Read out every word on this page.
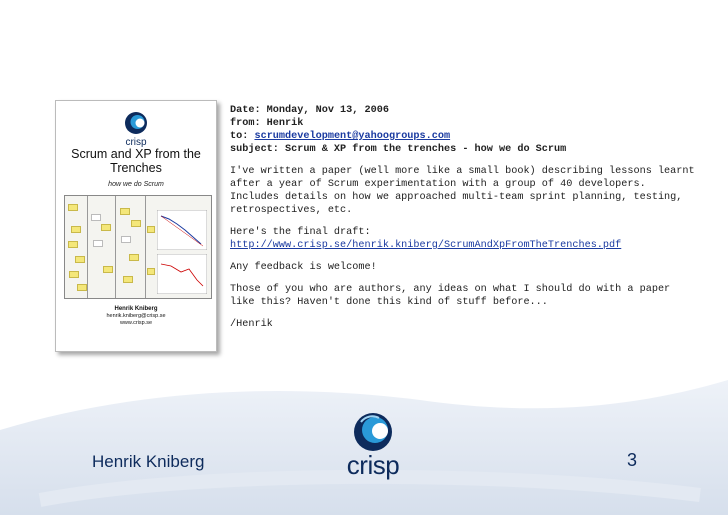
crisp
Scrum and XP from the Trenches
how we do Scrum
Henrik Kniberg
henrik.kniberg@crisp.se
www.crisp.se
Date: Monday, Nov 13, 2006
from: Henrik
to: scrumdevelopment@yahoogroups.com
subject: Scrum & XP from the trenches - how we do Scrum
I've written a paper (well more like a small book) describing lessons learnt after a year of Scrum experimentation with a group of 40 developers. Includes details on how we approached multi-team sprint planning, testing, retrospectives, etc.
Here's the final draft:
http://www.crisp.se/henrik.kniberg/ScrumAndXpFromTheTrenches.pdf
Any feedback is welcome!
Those of you who are authors, any ideas on what I should do with a paper like this? Haven't done this kind of stuff before...
/Henrik
Henrik Kniberg	crisp	3
